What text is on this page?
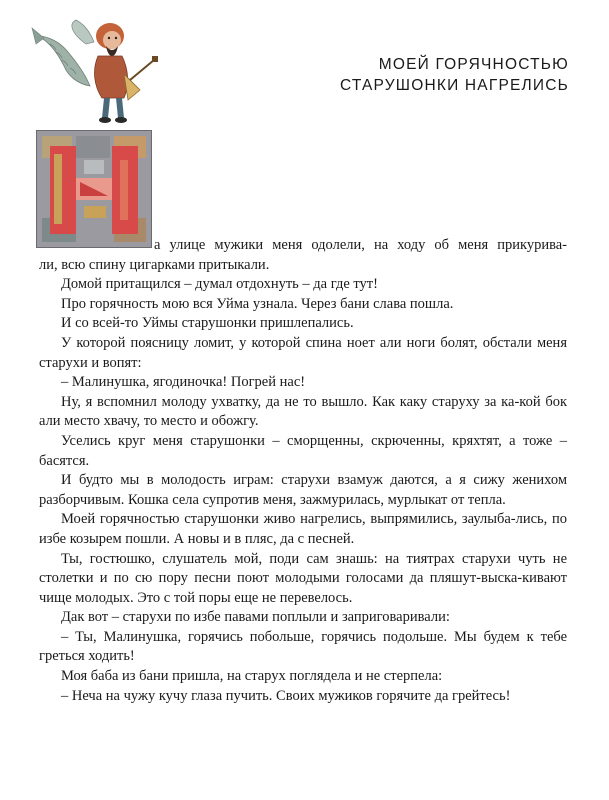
МОЕЙ ГОРЯЧНОСТЬЮ
СТАРУШОНКИ НАГРЕЛИСЬ

а улице мужики меня одолели, на ходу об меня прикурива-

ли, всю спину цигарками притыкали.

Домой притащился – думал отдохнуть – да где тут!

Про горячность мою вся Уйма узнала. Через бани слава пошла.

И со всей-то Уймы старушонки пришлепались.

У которой поясницу ломит, у которой спина ноет али ноги болят, обстали меня старухи и вопят:

– Малинушка, ягодиночка! Погрей нас!

Ну, я вспомнил молоду ухватку, да не то вышло. Как каку старуху за ка-кой бок али место хвачу, то место и обожгу.

Уселись круг меня старушонки – сморщенны, скрюченны, кряхтят, а тоже – басятся.

И будто мы в молодость играм: старухи взамуж даются, а я сижу женихом разборчивым. Кошка села супротив меня, зажмурилась, мурлыкат от тепла.

Моей горячностью старушонки живо нагрелись, выпрямились, заулыба-лись, по избе козырем пошли. А новы и в пляс, да с песней.

Ты, гостюшко, слушатель мой, поди сам знашь: на тиятрах старухи чуть не столетки и по сю пору песни поют молодыми голосами да пляшут-выска-кивают чище молодых. Это с той поры еще не перевелось.

Дак вот – старухи по избе павами поплыли и заприговаривали:

– Ты, Малинушка, горячись побольше, горячись подольше. Мы будем к тебе греться ходить!

Моя баба из бани пришла, на старух поглядела и не стерпела:

– Неча на чужу кучу глаза пучить. Своих мужиков горячите да грейтесь!
